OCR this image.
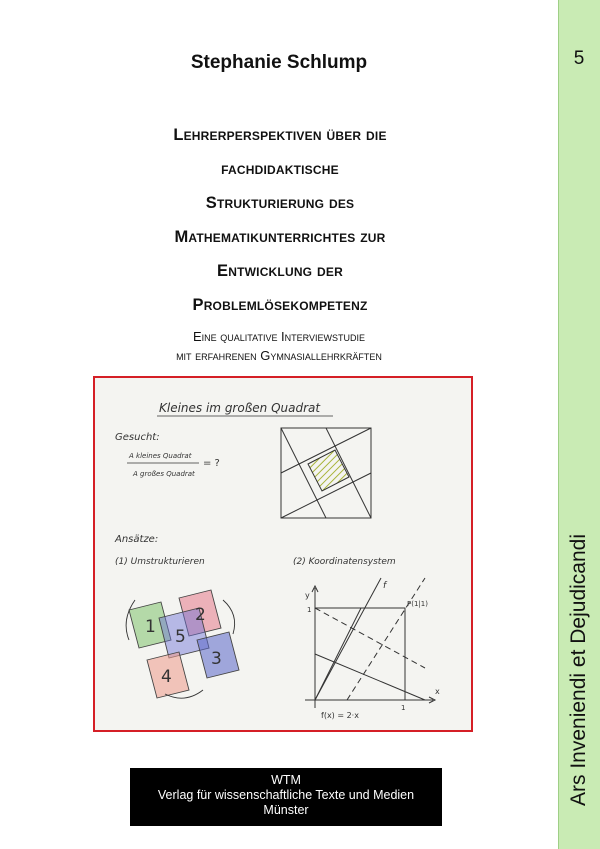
5
Ars Inveniendi et Dejudicandi
Stephanie Schlump
Lehrerperspektiven über die
fachdidaktische
Strukturierung des
Mathematikunterrichtes zur
Entwicklung der
Problemlösekompetenz
Eine qualitative Interviewstudie
mit erfahrenen Gymnasiallehrkräften
Kleines im großen Quadrat
Gesucht:
A kleines Quadrat
A großes Quadrat
= ?
Ansätze:
(1) Umstrukturieren	(2) Koordinatensystem
1
2
5
3
4
y
x
1
1
P(1|1)
f
f(x) = 2·x
WTM
Verlag für wissenschaftliche Texte und Medien
Münster
